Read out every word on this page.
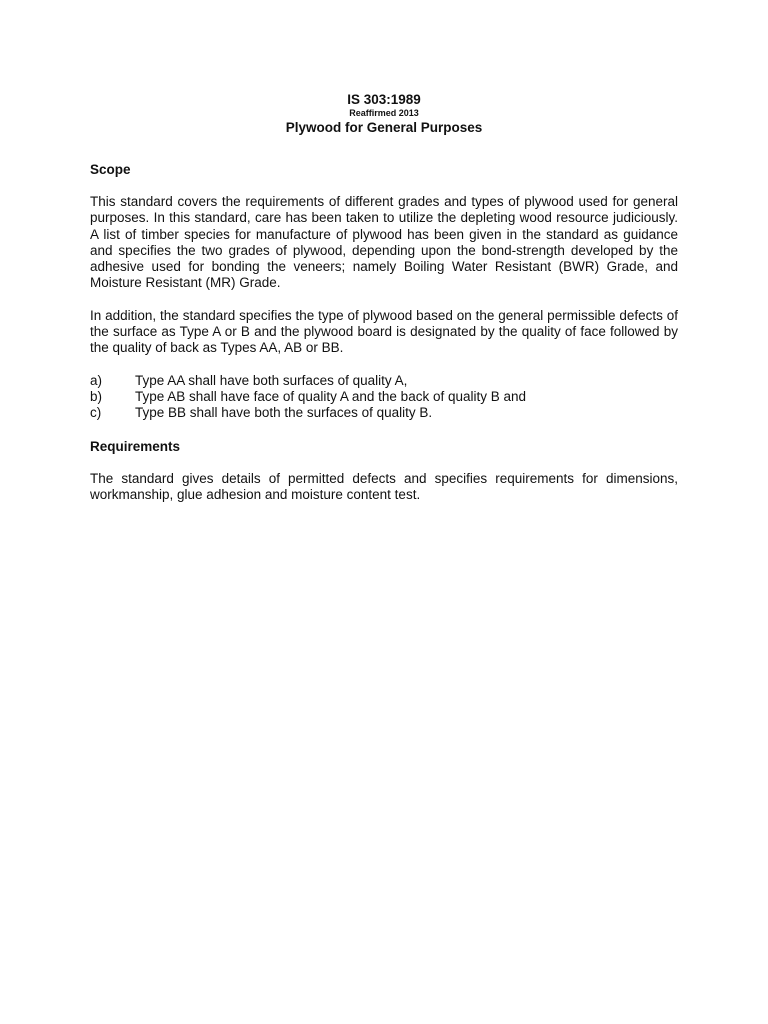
IS 303:1989

Reaffirmed 2013

Plywood for General Purposes

Scope

This standard covers the requirements of different grades and types of plywood used for general purposes. In this standard, care has been taken to utilize the depleting wood resource judiciously. A list of timber species for manufacture of plywood has been given in the standard as guidance and specifies the two grades of plywood, depending upon the bond-strength developed by the adhesive used for bonding the veneers; namely Boiling Water Resistant (BWR) Grade, and Moisture Resistant (MR) Grade.

In addition, the standard specifies the type of plywood based on the general permissible defects of the surface as Type A or B and the plywood board is designated by the quality of face followed by the quality of back as Types AA, AB or BB.

a)	Type AA shall have both surfaces of quality A,
b)	Type AB shall have face of quality A and the back of quality B and
c)	Type BB shall have both the surfaces of quality B.

Requirements

The standard gives details of permitted defects and specifies requirements for dimensions, workmanship, glue adhesion and moisture content test.
